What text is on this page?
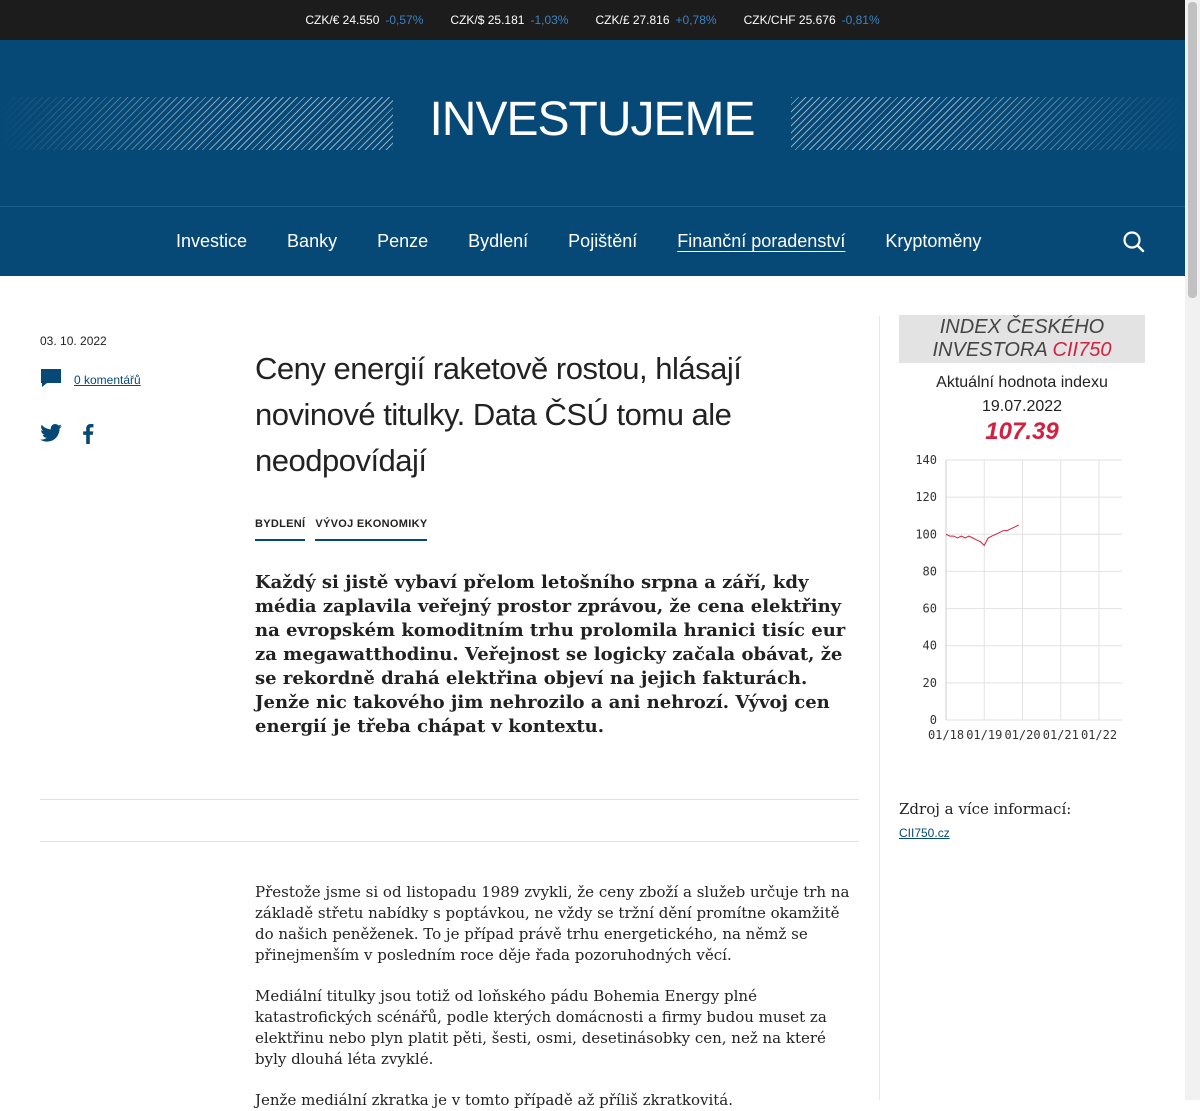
CZK/€ 24.550 -0,57% CZK/$ 25.181 -1,03% CZK/£ 27.816 +0,78% CZK/CHF 25.676 -0,81%
INVESTUJEME
Investice Banky Penze Bydlení Pojištění Finanční poradenství Kryptoměny
03. 10. 2022
0 komentářů	Ceny energií raketově rostou, hlásají novinové titulky. Data ČSÚ tomu ale neodpovídají
BYDLENÍ VÝVOJ EKONOMIKY

Každý si jistě vybaví přelom letošního srpna a září, kdy média zaplavila veřejný prostor zprávou, že cena elektřiny na evropském komoditním trhu prolomila hranici tisíc eur za megawatthodinu. Veřejnost se logicky začala obávat, že se rekordně drahá elektřina objeví na jejich fakturách. Jenže nic takového jim nehrozilo a ani nehrozí. Vývoj cen energií je třeba chápat v kontextu.

Přestože jsme si od listopadu 1989 zvykli, že ceny zboží a služeb určuje trh na základě střetu nabídky s poptávkou, ne vždy se tržní dění promítne okamžitě do našich peněženek. To je případ právě trhu energetického, na němž se přinejmenším v posledním roce děje řada pozoruhodných věcí.

Mediální titulky jsou totiž od loňského pádu Bohemia Energy plné katastrofických scénářů, podle kterých domácnosti a firmy budou muset za elektřinu nebo plyn platit pěti, šesti, osmi, desetinásobky cen, než na které byly dlouhá léta zvyklé.

Jenže mediální zkratka je v tomto případě až příliš zkratkovitá.

INDEX ČESKÉHO
INVESTORA CII750
Aktuální hodnota indexu
19.07.2022
107.39
0
20
40
60
80
100
120
140
01/18 01/19 01/20 01/21 01/22
Zdroj a více informací:
CII750.cz
